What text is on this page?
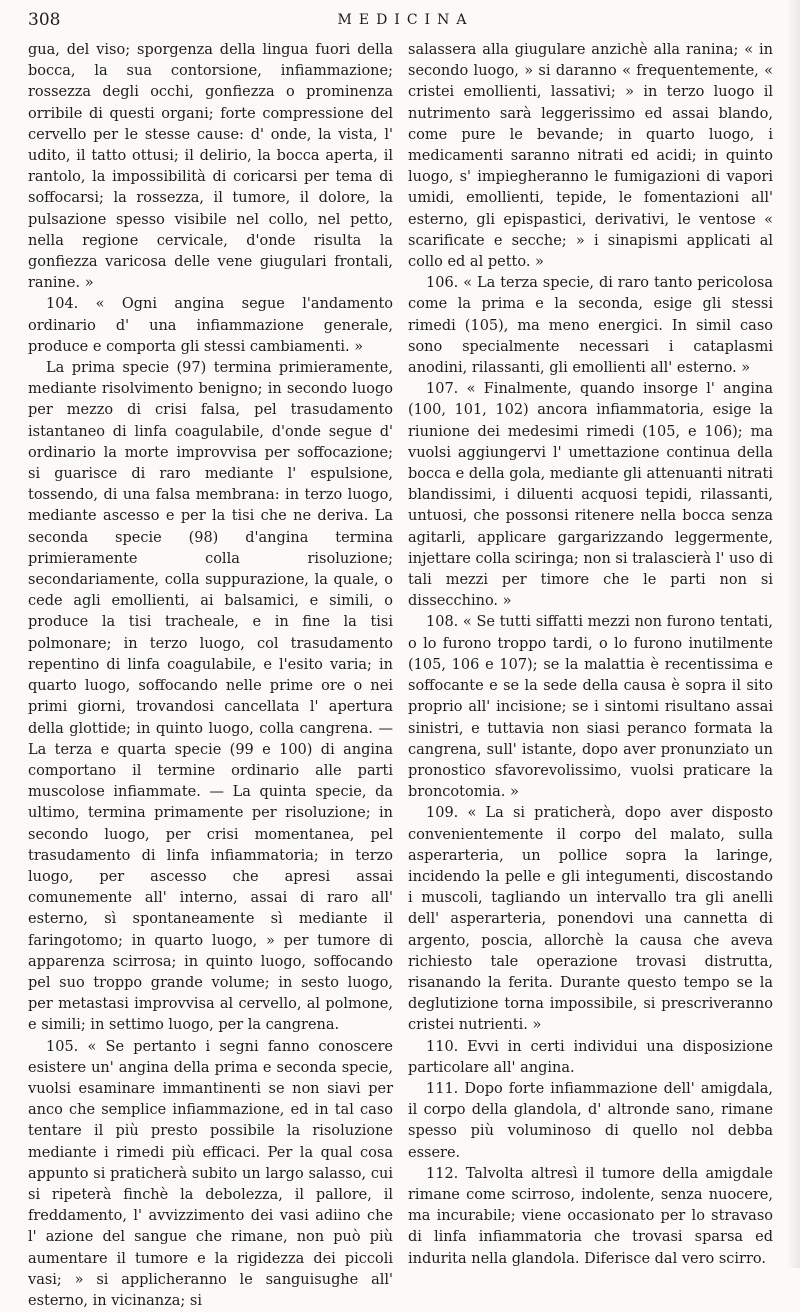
308	MEDICINA

gua, del viso; sporgenza della lingua fuori della bocca, la sua contorsione, infiammazione; rossezza degli occhi, gonfiezza o prominenza orribile di questi organi; forte compressione del cervello per le stesse cause: d' onde, la vista, l' udito, il tatto ottusi; il delirio, la bocca aperta, il rantolo, la impossibilità di coricarsi per tema di soffocarsi; la rossezza, il tumore, il dolore, la pulsazione spesso visibile nel collo, nel petto, nella regione cervicale, d'onde risulta la gonfiezza varicosa delle vene giugulari frontali, ranine. »

104. « Ogni angina segue l'andamento ordinario d' una infiammazione generale, produce e comporta gli stessi cambiamenti. »

La prima specie (97) termina primieramente, mediante risolvimento benigno; in secondo luogo per mezzo di crisi falsa, pel trasudamento istantaneo di linfa coagulabile, d'onde segue d' ordinario la morte improvvisa per soffocazione; si guarisce di raro mediante l' espulsione, tossendo, di una falsa membrana: in terzo luogo, mediante ascesso e per la tisi che ne deriva. La seconda specie (98) d'angina termina primieramente colla risoluzione; secondariamente, colla suppurazione, la quale, o cede agli emollienti, ai balsamici, e simili, o produce la tisi tracheale, e in fine la tisi polmonare; in terzo luogo, col trasudamento repentino di linfa coagulabile, e l'esito varia; in quarto luogo, soffocando nelle prime ore o nei primi giorni, trovandosi cancellata l' apertura della glottide; in quinto luogo, colla cangrena. — La terza e quarta specie (99 e 100) di angina comportano il termine ordinario alle parti muscolose infiammate. — La quinta specie, da ultimo, termina primamente per risoluzione; in secondo luogo, per crisi momentanea, pel trasudamento di linfa infiammatoria; in terzo luogo, per ascesso che apresi assai comunemente all' interno, assai di raro all' esterno, sì spontaneamente sì mediante il faringotomo; in quarto luogo, » per tumore di apparenza scirrosa; in quinto luogo, soffocando pel suo troppo grande volume; in sesto luogo, per metastasi improvvisa al cervello, al polmone, e simili; in settimo luogo, per la cangrena.

105. « Se pertanto i segni fanno conoscere esistere un' angina della prima e seconda specie, vuolsi esaminare immantinenti se non siavi per anco che semplice infiammazione, ed in tal caso tentare il più presto possibile la risoluzione mediante i rimedi più efficaci. Per la qual cosa appunto si praticherà subito un largo salasso, cui si ripeterà finchè la debolezza, il pallore, il freddamento, l' avvizzimento dei vasi adiino che l' azione del sangue che rimane, non può più aumentare il tumore e la rigidezza dei piccoli vasi; » si applicheranno le sanguisughe all' esterno, in vicinanza; si

salassera alla giugulare anzichè alla ranina; « in secondo luogo, » si daranno « frequentemente, « cristei emollienti, lassativi; » in terzo luogo il nutrimento sarà leggerissimo ed assai blando, come pure le bevande; in quarto luogo, i medicamenti saranno nitrati ed acidi; in quinto luogo, s' impiegheranno le fumigazioni di vapori umidi, emollienti, tepide, le fomentazioni all' esterno, gli epispastici, derivativi, le ventose « scarificate e secche; » i sinapismi applicati al collo ed al petto. »

106. « La terza specie, di raro tanto pericolosa come la prima e la seconda, esige gli stessi rimedi (105), ma meno energici. In simil caso sono specialmente necessari i cataplasmi anodini, rilassanti, gli emollienti all' esterno. »

107. « Finalmente, quando insorge l' angina (100, 101, 102) ancora infiammatoria, esige la riunione dei medesimi rimedi (105, e 106); ma vuolsi aggiungervi l' umettazione continua della bocca e della gola, mediante gli attenuanti nitrati blandissimi, i diluenti acquosi tepidi, rilassanti, untuosi, che possonsi ritenere nella bocca senza agitarli, applicare gargarizzando leggermente, injettare colla sciringa; non si tralascierà l' uso di tali mezzi per timore che le parti non si dissecchino. »

108. « Se tutti siffatti mezzi non furono tentati, o lo furono troppo tardi, o lo furono inutilmente (105, 106 e 107); se la malattia è recentissima e soffocante e se la sede della causa è sopra il sito proprio all' incisione; se i sintomi risultano assai sinistri, e tuttavia non siasi peranco formata la cangrena, sull' istante, dopo aver pronunziato un pronostico sfavorevolissimo, vuolsi praticare la broncotomia. »

109. « La si praticherà, dopo aver disposto convenientemente il corpo del malato, sulla asperarteria, un pollice sopra la laringe, incidendo la pelle e gli integumenti, discostando i muscoli, tagliando un intervallo tra gli anelli dell' asperarteria, ponendovi una cannetta di argento, poscia, allorchè la causa che aveva richiesto tale operazione trovasi distrutta, risanando la ferita. Durante questo tempo se la deglutizione torna impossibile, si prescriveranno cristei nutrienti. »

110. Evvi in certi individui una disposizione particolare all' angina.

111. Dopo forte infiammazione dell' amigdala, il corpo della glandola, d' altronde sano, rimane spesso più voluminoso di quello nol debba essere.

112. Talvolta altresì il tumore della amigdale rimane come scirroso, indolente, senza nuocere, ma incurabile; viene occasionato per lo stravaso di linfa infiammatoria che trovasi sparsa ed indurita nella glandola. Diferisce dal vero scirro.
